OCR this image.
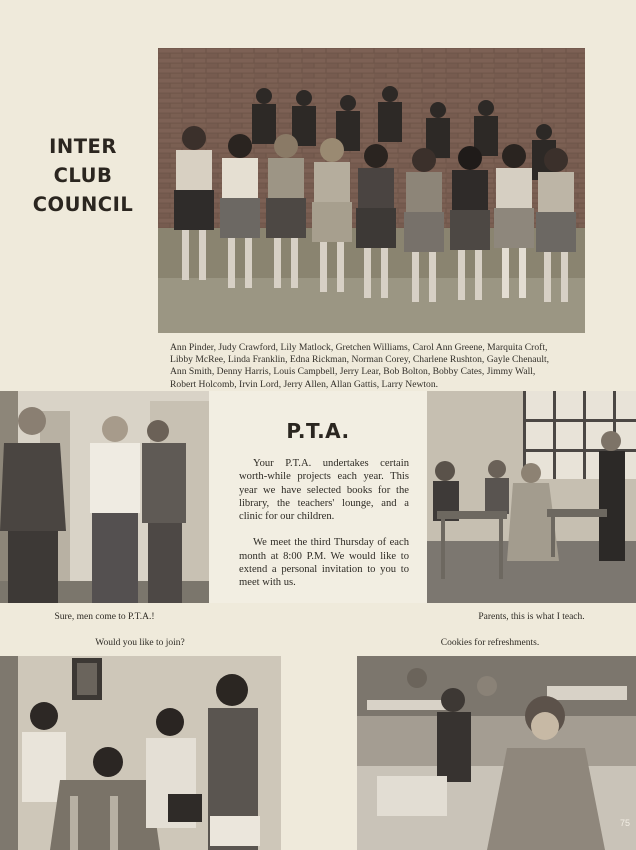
INTER
CLUB
COUNCIL
Ann Pinder, Judy Crawford, Lily Matlock, Gretchen Williams, Carol Ann Greene, Marquita Croft,
Libby McRee, Linda Franklin, Edna Rickman, Norman Corey, Charlene Rushton, Gayle Chenault,
Ann Smith, Denny Harris, Louis Campbell, Jerry Lear, Bob Bolton, Bobby Cates, Jimmy Wall,
Robert Holcomb, Irvin Lord, Jerry Allen, Allan Gattis, Larry Newton.
P.T.A.

Your P.T.A. undertakes certain worth-while projects each year. This year we have selected books for the library, the teachers' lounge, and a clinic for our children.

We meet the third Thursday of each month at 8:00 P.M. We would like to extend a personal invitation to you to meet with us.

Sure, men come to P.T.A.!	Parents, this is what I teach.
Would you like to join?	Cookies for refreshments.
75
